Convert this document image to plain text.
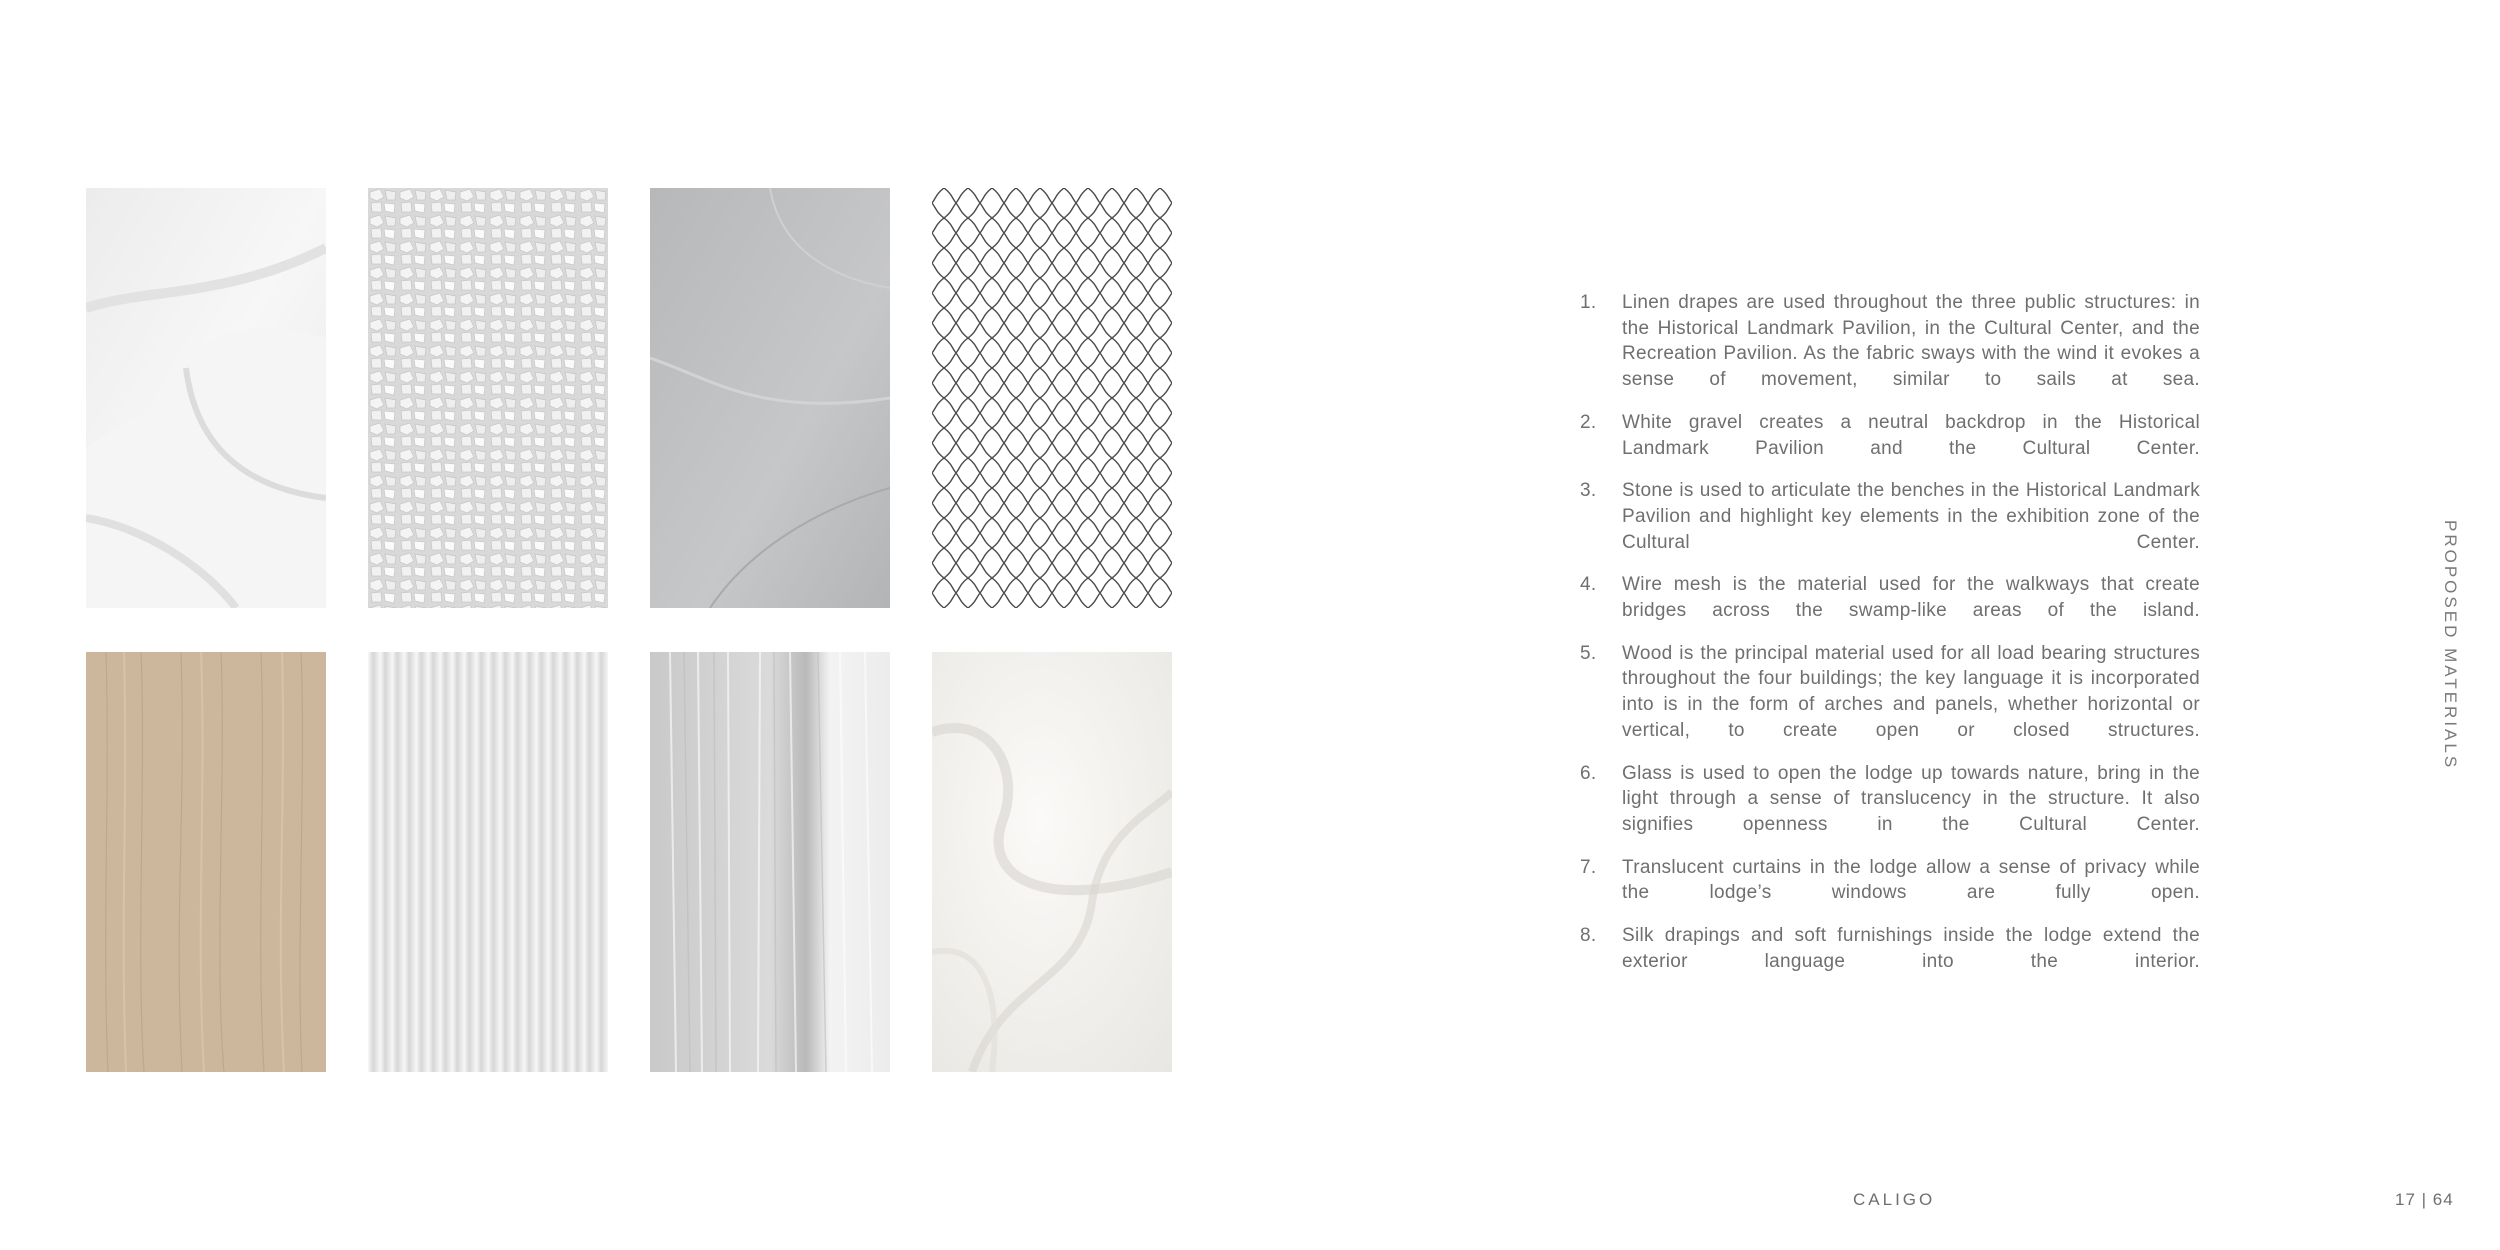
1.	Linen drapes are used throughout the three public structures: in the Historical Landmark Pavilion, in the Cultural Center, and the Recreation Pavilion. As the fabric sways with the wind it evokes a sense of movement, similar to sails at sea.
2.	White gravel creates a neutral backdrop in the Historical Landmark Pavilion and the Cultural Center.
3.	Stone is used to articulate the benches in the Historical Landmark Pavilion and highlight key elements in the exhibition zone of the Cultural Center.
4.	Wire mesh is the material used for the walkways that create bridges across the swamp-like areas of the island.
5.	Wood is the principal material used for all load bearing structures throughout the four buildings; the key language it is incorporated into is in the form of arches and panels, whether horizontal or vertical, to create open or closed structures.
6.	Glass is used to open the lodge up towards nature, bring in the light through a sense of translucency in the structure. It also signifies openness in the Cultural Center.
7.	Translucent curtains in the lodge allow a sense of privacy while the lodge’s windows are fully open.
8.	Silk drapings and soft furnishings inside the lodge extend the exterior language into the interior.
PROPOSED MATERIALS
CALIGO	17 | 64
